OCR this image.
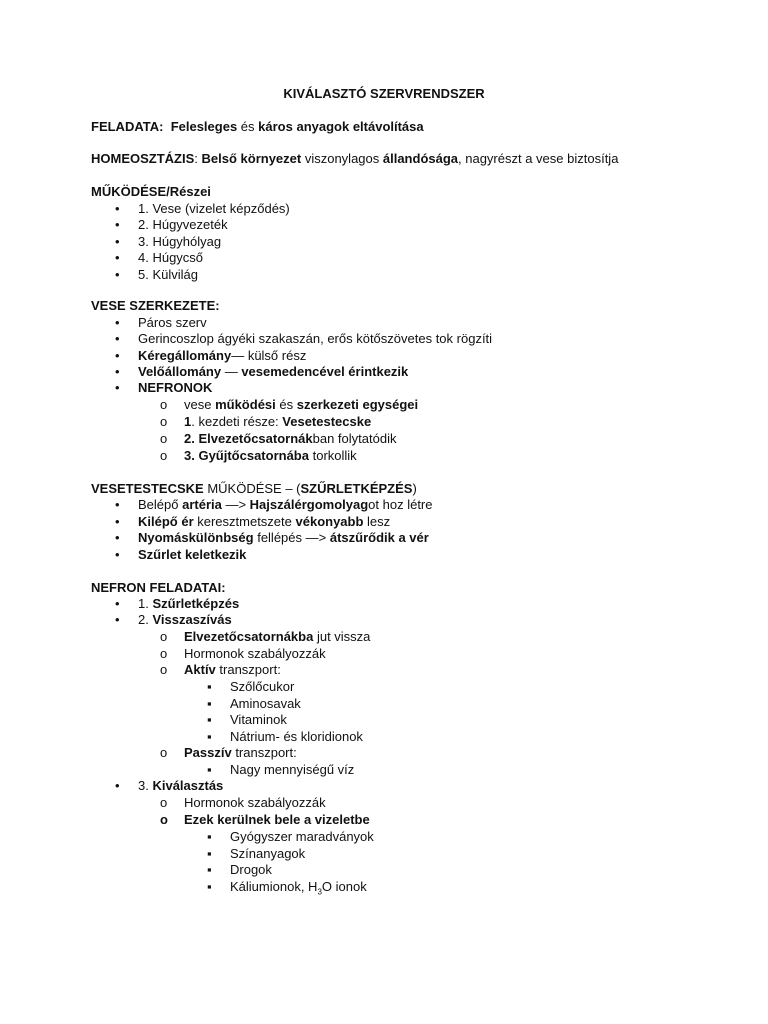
KIVÁLASZTÓ SZERVRENDSZER
FELADATA: Felesleges és káros anyagok eltávolítása
HOMEOSZTÁZIS: Belső környezet viszonylagos állandósága, nagyrészt a vese biztosítja
MŰKÖDÉSE/Részei
• 1. Vese (vizelet képződés)
• 2. Húgyvezeték
• 3. Húgyhólyag
• 4. Húgycső
• 5. Külvilág
VESE SZERKEZETE:
• Páros szerv
• Gerincoszlop ágyéki szakaszán, erős kötőszövetes tok rögzíti
• Kéregállomány— külső rész
• Velőállomány — vesemedencével érintkezik
• NEFRONOK
o vese működési és szerkezeti egységei
o 1. kezdeti része: Vesetestecske
o 2. Elvezetőcsatornákban folytatódik
o 3. Gyűjtőcsatornába torkollik
VESETESTECSKE MŰKÖDÉSE – (SZŰRLETKÉPZÉS)
• Belépő artéria —> Hajszálérgomolyagot hoz létre
• Kilépő ér keresztmetszete vékonyabb lesz
• Nyomáskülönbség fellépés —> átszűrődik a vér
• Szűrlet keletkezik
NEFRON FELADATAI:
• 1. Szűrletképzés
• 2. Visszaszívás
o Elvezetőcsatornákba jut vissza
o Hormonok szabályozzák
o Aktív transzport:
▪ Szőlőcukor
▪ Aminosavak
▪ Vitaminok
▪ Nátrium- és kloridionok
o Passzív transzport:
▪ Nagy mennyiségű víz
• 3. Kiválasztás
o Hormonok szabályozzák
o Ezek kerülnek bele a vizeletbe
▪ Gyógyszer maradványok
▪ Színanyagok
▪ Drogok
▪ Káliumionok, $H_3O$ ionok
